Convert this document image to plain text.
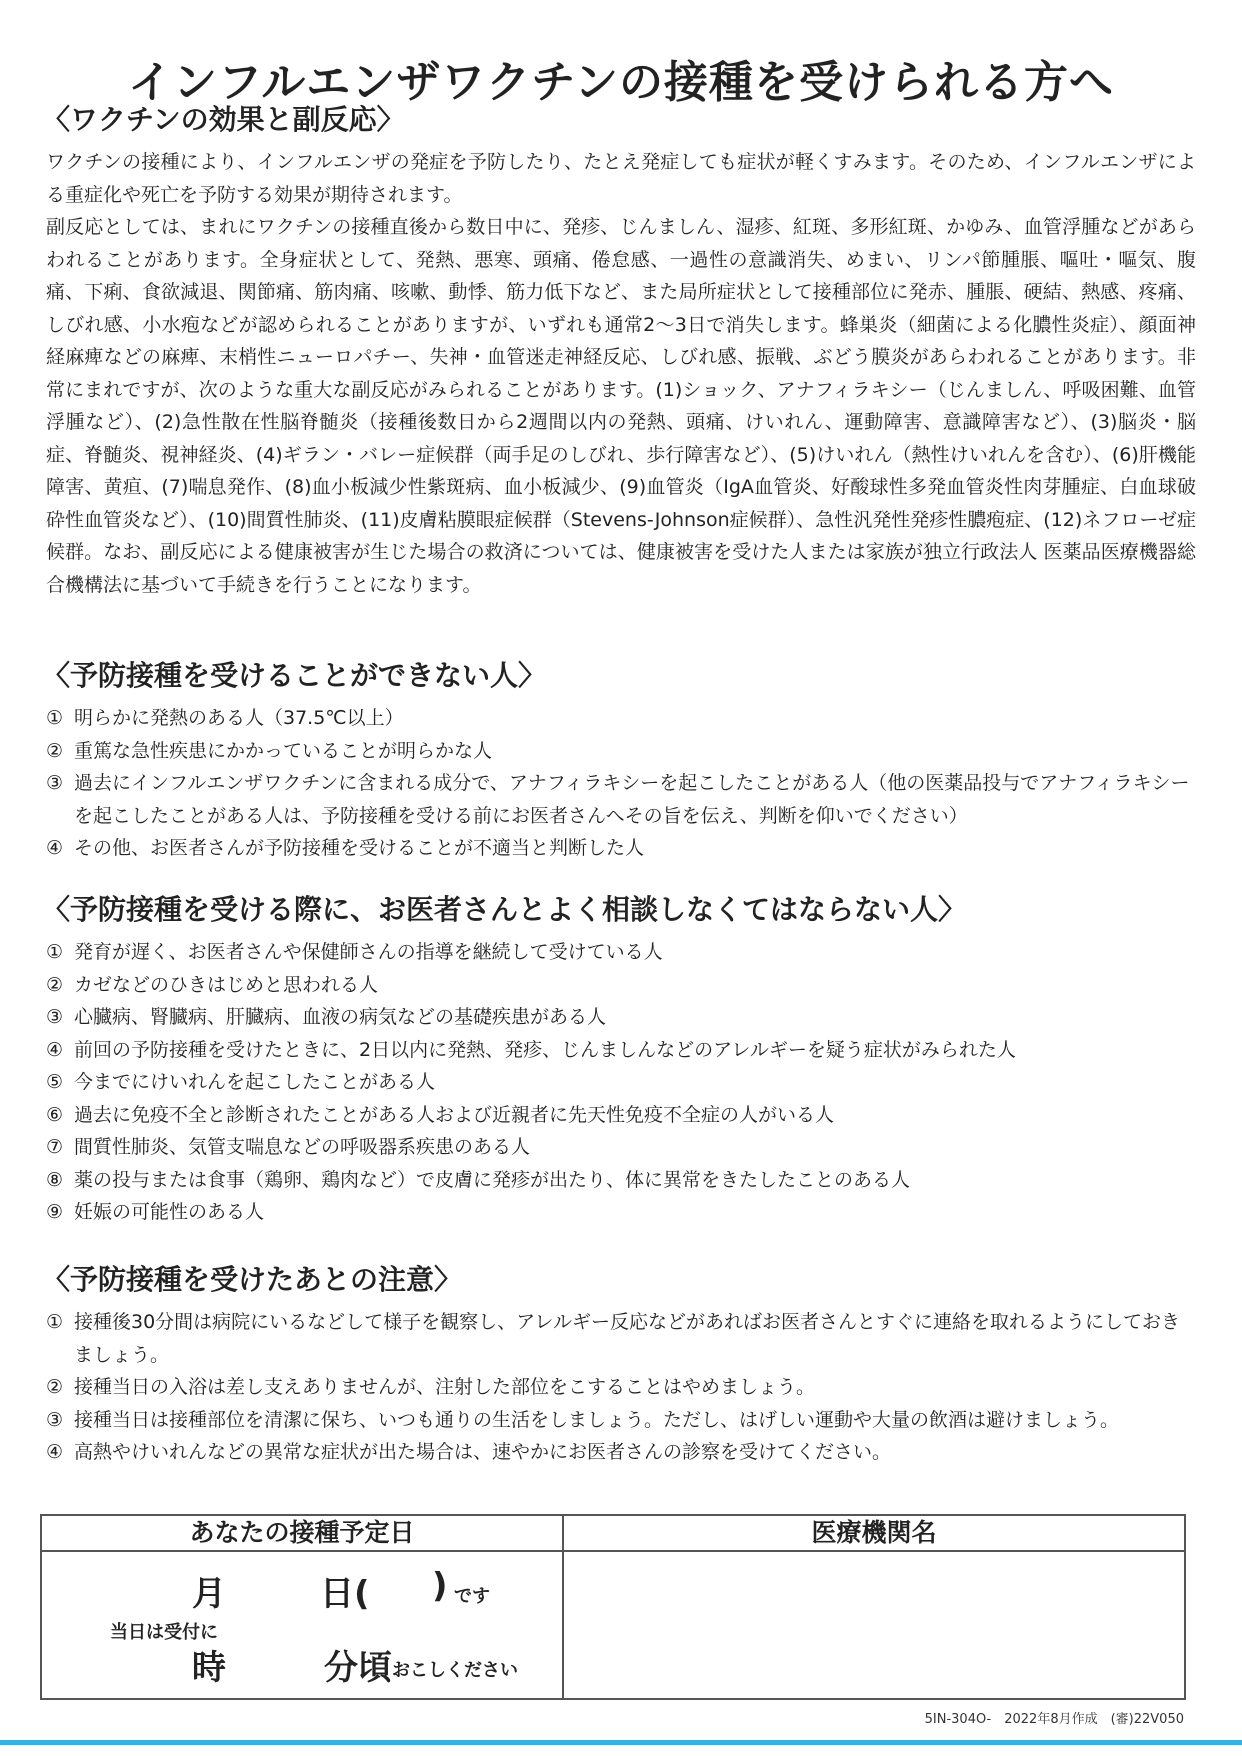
インフルエンザワクチンの接種を受けられる方へ
〈ワクチンの効果と副反応〉

ワクチンの接種により、インフルエンザの発症を予防したり、たとえ発症しても症状が軽くすみます。そのため、インフルエンザによる重症化や死亡を予防する効果が期待されます。

副反応としては、まれにワクチンの接種直後から数日中に、発疹、じんましん、湿疹、紅斑、多形紅斑、かゆみ、血管浮腫などがあらわれることがあります。全身症状として、発熱、悪寒、頭痛、倦怠感、一過性の意識消失、めまい、リンパ節腫脹、嘔吐・嘔気、腹痛、下痢、食欲減退、関節痛、筋肉痛、咳嗽、動悸、筋力低下など、また局所症状として接種部位に発赤、腫脹、硬結、熱感、疼痛、しびれ感、小水疱などが認められることがありますが、いずれも通常2〜3日で消失します。蜂巣炎（細菌による化膿性炎症）、顔面神経麻痺などの麻痺、末梢性ニューロパチー、失神・血管迷走神経反応、しびれ感、振戦、ぶどう膜炎があらわれることがあります。非常にまれですが、次のような重大な副反応がみられることがあります。(1)ショック、アナフィラキシー（じんましん、呼吸困難、血管浮腫など）、(2)急性散在性脳脊髄炎（接種後数日から2週間以内の発熱、頭痛、けいれん、運動障害、意識障害など）、(3)脳炎・脳症、脊髄炎、視神経炎、(4)ギラン・バレー症候群（両手足のしびれ、歩行障害など）、(5)けいれん（熱性けいれんを含む）、(6)肝機能障害、黄疸、(7)喘息発作、(8)血小板減少性紫斑病、血小板減少、(9)血管炎（IgA血管炎、好酸球性多発血管炎性肉芽腫症、白血球破砕性血管炎など）、(10)間質性肺炎、(11)皮膚粘膜眼症候群（Stevens-Johnson症候群）、急性汎発性発疹性膿疱症、(12)ネフローゼ症候群。なお、副反応による健康被害が生じた場合の救済については、健康被害を受けた人または家族が独立行政法人 医薬品医療機器総合機構法に基づいて手続きを行うことになります。

〈予防接種を受けることができない人〉
① 明らかに発熱のある人（37.5℃以上）
② 重篤な急性疾患にかかっていることが明らかな人
③ 過去にインフルエンザワクチンに含まれる成分で、アナフィラキシーを起こしたことがある人（他の医薬品投与でアナフィラキシーを起こしたことがある人は、予防接種を受ける前にお医者さんへその旨を伝え、判断を仰いでください）
④ その他、お医者さんが予防接種を受けることが不適当と判断した人
〈予防接種を受ける際に、お医者さんとよく相談しなくてはならない人〉
① 発育が遅く、お医者さんや保健師さんの指導を継続して受けている人
② カゼなどのひきはじめと思われる人
③ 心臓病、腎臓病、肝臓病、血液の病気などの基礎疾患がある人
④ 前回の予防接種を受けたときに、2日以内に発熱、発疹、じんましんなどのアレルギーを疑う症状がみられた人
⑤ 今までにけいれんを起こしたことがある人
⑥ 過去に免疫不全と診断されたことがある人および近親者に先天性免疫不全症の人がいる人
⑦ 間質性肺炎、気管支喘息などの呼吸器系疾患のある人
⑧ 薬の投与または食事（鶏卵、鶏肉など）で皮膚に発疹が出たり、体に異常をきたしたことのある人
⑨ 妊娠の可能性のある人
〈予防接種を受けたあとの注意〉
① 接種後30分間は病院にいるなどして様子を観察し、アレルギー反応などがあればお医者さんとすぐに連絡を取れるようにしておきましょう。
② 接種当日の入浴は差し支えありませんが、注射した部位をこすることはやめましょう。
③ 接種当日は接種部位を清潔に保ち、いつも通りの生活をしましょう。ただし、はげしい運動や大量の飲酒は避けましょう。
④ 高熱やけいれんなどの異常な症状が出た場合は、速やかにお医者さんの診察を受けてください。
あなたの接種予定日
月	日( ) です
当日は受付に
時	分頃 おこしください
医療機関名
5IN-304O-　2022年8月作成　(審)22V050
